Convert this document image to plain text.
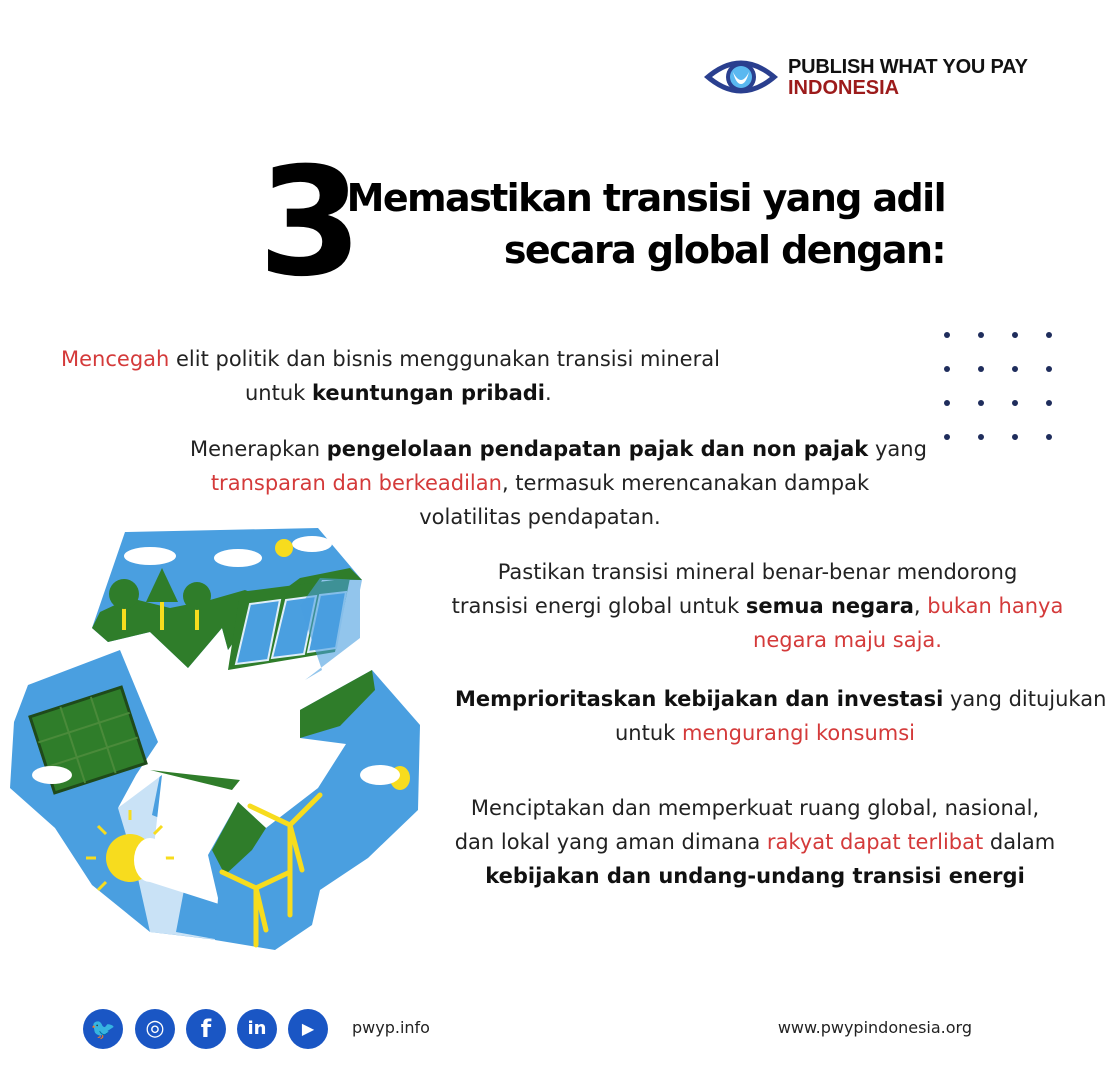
PUBLISH WHAT YOU PAY
INDONESIA
3
Memastikan transisi yang adil
secara global dengan:
Mencegah elit politik dan bisnis menggunakan transisi mineral
untuk keuntungan pribadi.
Menerapkan pengelolaan pendapatan pajak dan non pajak yang
transparan dan berkeadilan, termasuk merencanakan dampak
volatilitas pendapatan.
Pastikan transisi mineral benar-benar mendorong
transisi energi global untuk semua negara, bukan hanya
negara maju saja.
Memprioritaskan kebijakan dan investasi yang ditujukan
untuk mengurangi konsumsi
Menciptakan dan memperkuat ruang global, nasional,
dan lokal yang aman dimana rakyat dapat terlibat dalam
kebijakan dan undang-undang transisi energi
🐦	◎	f	in	▶	pwyp.info	www.pwypindonesia.org
